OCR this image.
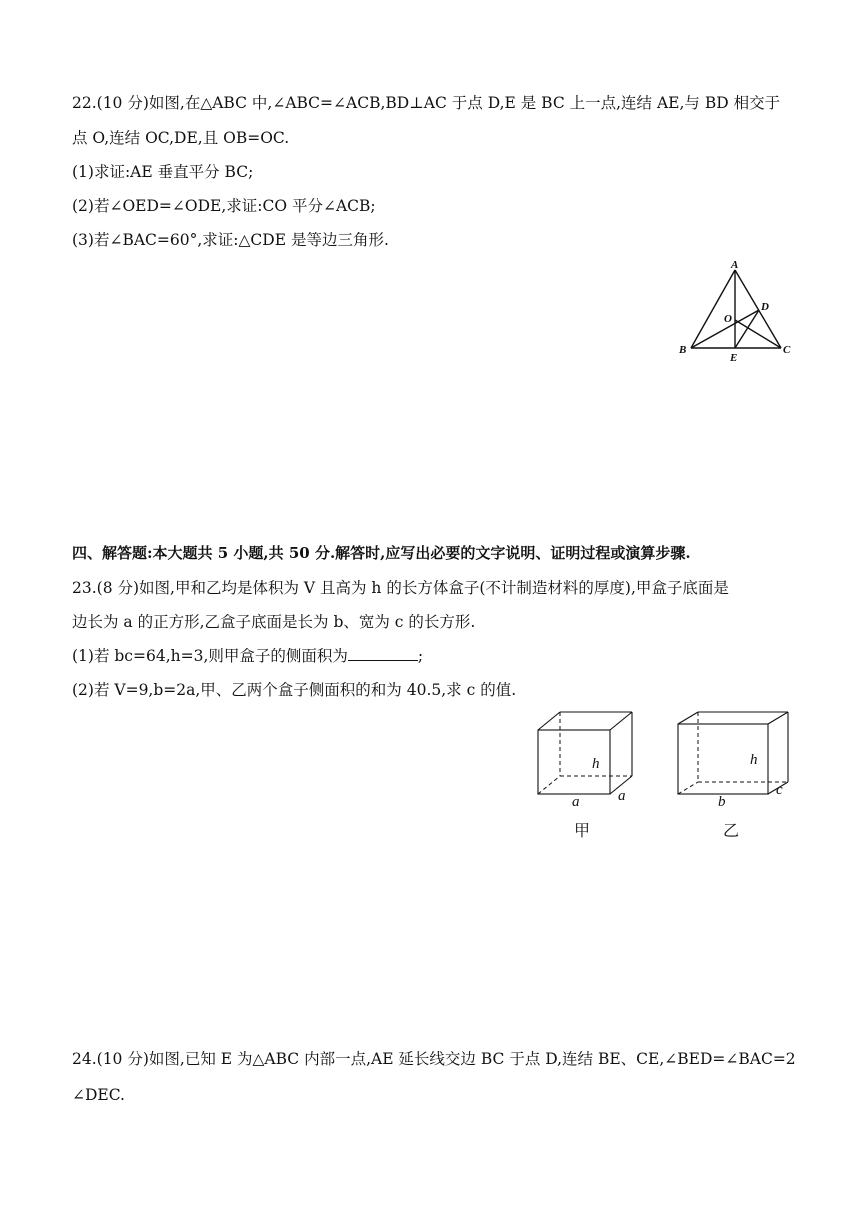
22.(10 分)如图,在△ABC 中,∠ABC=∠ACB,BD⊥AC 于点 D,E 是 BC 上一点,连结 AE,与 BD 相交于
点 O,连结 OC,DE,且 OB=OC.
(1)求证:AE 垂直平分 BC;
(2)若∠OED=∠ODE,求证:CO 平分∠ACB;
(3)若∠BAC=60°,求证:△CDE 是等边三角形.
A
B	C
D
E
O
四、解答题:本大题共 5 小题,共 50 分.解答时,应写出必要的文字说明、证明过程或演算步骤.
23.(8 分)如图,甲和乙均是体积为 V 且高为 h 的长方体盒子(不计制造材料的厚度),甲盒子底面是
边长为 a 的正方形,乙盒子底面是长为 b、宽为 c 的长方形.
(1)若 bc=64,h=3,则甲盒子的侧面积为	;
(2)若 V=9,b=2a,甲、乙两个盒子侧面积的和为 40.5,求 c 的值.
h
a	a
甲
h
b
c
乙
24.(10 分)如图,已知 E 为△ABC 内部一点,AE 延长线交边 BC 于点 D,连结 BE、CE,∠BED=∠BAC=2
∠DEC.
